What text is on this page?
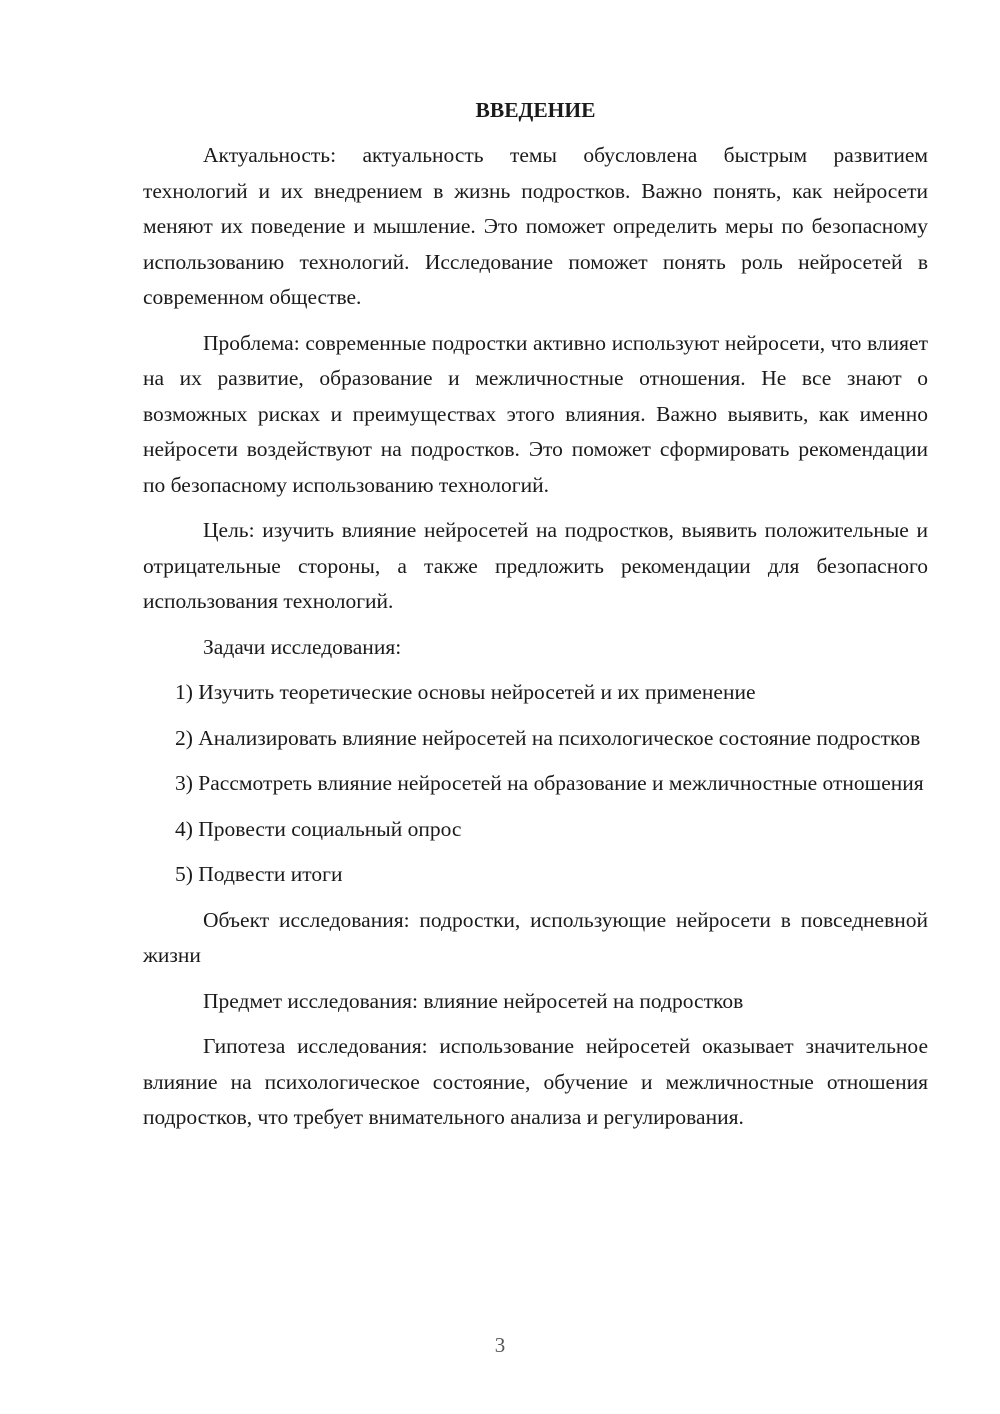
ВВЕДЕНИЕ

Актуальность: актуальность темы обусловлена быстрым развитием технологий и их внедрением в жизнь подростков. Важно понять, как нейросети меняют их поведение и мышление. Это поможет определить меры по безопасному использованию технологий. Исследование поможет понять роль нейросетей в современном обществе.

Проблема: современные подростки активно используют нейросети, что влияет на их развитие, образование и межличностные отношения. Не все знают о возможных рисках и преимуществах этого влияния. Важно выявить, как именно нейросети воздействуют на подростков. Это поможет сформировать рекомендации по безопасному использованию технологий.

Цель: изучить влияние нейросетей на подростков, выявить положительные и отрицательные стороны, а также предложить рекомендации для безопасного использования технологий.

Задачи исследования:

1) Изучить теоретические основы нейросетей и их применение

2) Анализировать влияние нейросетей на психологическое состояние подростков

3) Рассмотреть влияние нейросетей на образование и межличностные отношения

4) Провести социальный опрос

5) Подвести итоги

Объект исследования: подростки, использующие нейросети в повседневной жизни

Предмет исследования: влияние нейросетей на подростков

Гипотеза исследования: использование нейросетей оказывает значительное влияние на психологическое состояние, обучение и межличностные отношения подростков, что требует внимательного анализа и регулирования.

3
